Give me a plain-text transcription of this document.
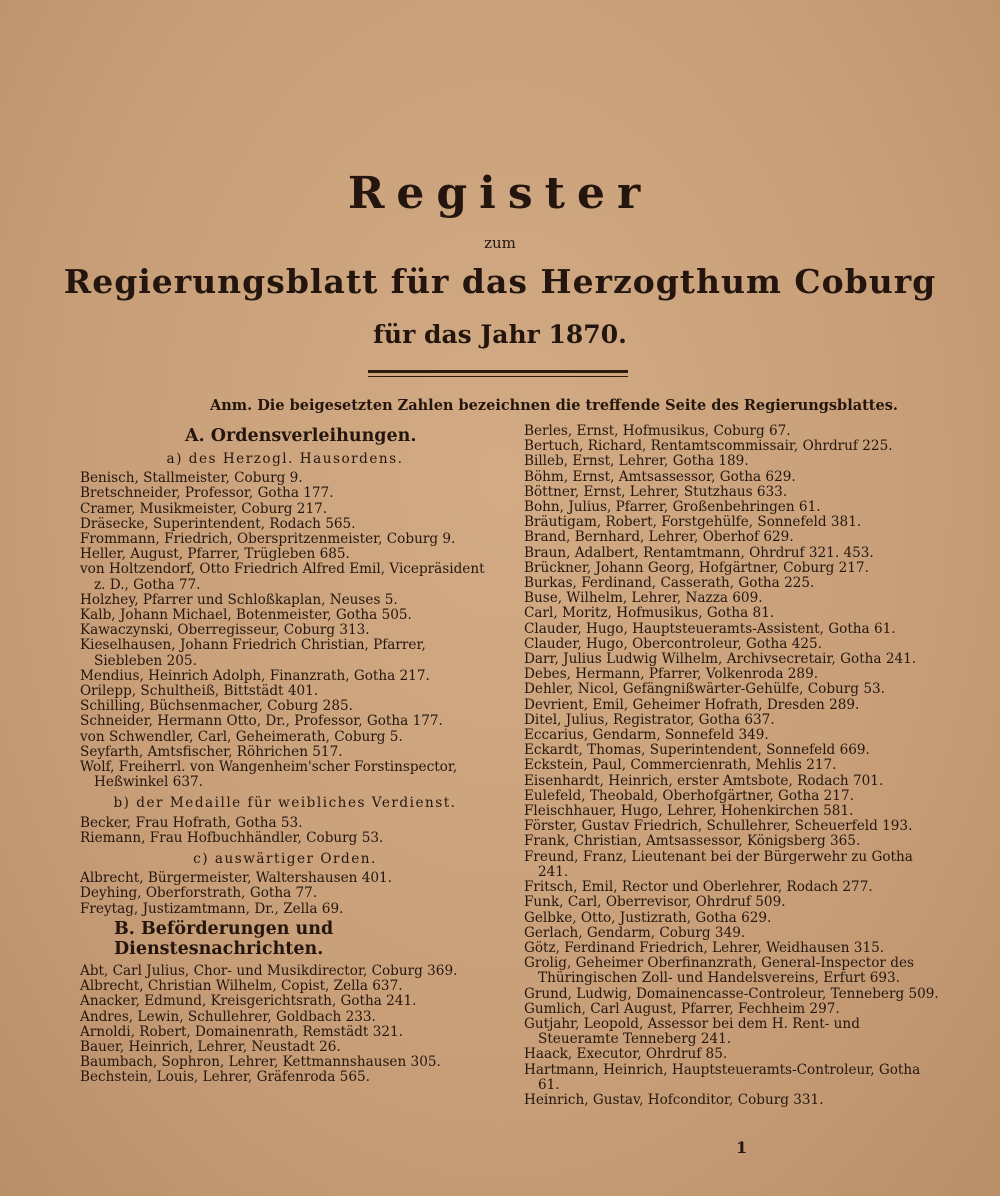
Register
zum
Regierungsblatt für das Herzogthum Coburg
für das Jahr 1870.
Anm. Die beigesetzten Zahlen bezeichnen die treffende Seite des Regierungsblattes.
A. Ordensverleihungen.
a) des Herzogl. Hausordens.
Benisch, Stallmeister, Coburg 9.
Bretschneider, Professor, Gotha 177.
Cramer, Musikmeister, Coburg 217.
Dräsecke, Superintendent, Rodach 565.
Frommann, Friedrich, Oberspritzenmeister, Coburg 9.
Heller, August, Pfarrer, Trügleben 685.
von Holtzendorf, Otto Friedrich Alfred Emil, Vicepräsident z. D., Gotha 77.
Holzhey, Pfarrer und Schloßkaplan, Neuses 5.
Kalb, Johann Michael, Botenmeister, Gotha 505.
Kawaczynski, Oberregisseur, Coburg 313.
Kieselhausen, Johann Friedrich Christian, Pfarrer, Siebleben 205.
Mendius, Heinrich Adolph, Finanzrath, Gotha 217.
Orilepp, Schultheiß, Bittstädt 401.
Schilling, Büchsenmacher, Coburg 285.
Schneider, Hermann Otto, Dr., Professor, Gotha 177.
von Schwendler, Carl, Geheimerath, Coburg 5.
Seyfarth, Amtsfischer, Röhrichen 517.
Wolf, Freiherrl. von Wangenheim'scher Forstinspector, Heßwinkel 637.
b) der Medaille für weibliches Verdienst.
Becker, Frau Hofrath, Gotha 53.
Riemann, Frau Hofbuchhändler, Coburg 53.
c) auswärtiger Orden.
Albrecht, Bürgermeister, Waltershausen 401.
Deyhing, Oberforstrath, Gotha 77.
Freytag, Justizamtmann, Dr., Zella 69.
B. Beförderungen und Dienstesnachrichten.
Abt, Carl Julius, Chor- und Musikdirector, Coburg 369.
Albrecht, Christian Wilhelm, Copist, Zella 637.
Anacker, Edmund, Kreisgerichtsrath, Gotha 241.
Andres, Lewin, Schullehrer, Goldbach 233.
Arnoldi, Robert, Domainenrath, Remstädt 321.
Bauer, Heinrich, Lehrer, Neustadt 26.
Baumbach, Sophron, Lehrer, Kettmannshausen 305.
Bechstein, Louis, Lehrer, Gräfenroda 565.
Berles, Ernst, Hofmusikus, Coburg 67.
Bertuch, Richard, Rentamtscommissair, Ohrdruf 225.
Billeb, Ernst, Lehrer, Gotha 189.
Böhm, Ernst, Amtsassessor, Gotha 629.
Böttner, Ernst, Lehrer, Stutzhaus 633.
Bohn, Julius, Pfarrer, Großenbehringen 61.
Bräutigam, Robert, Forstgehülfe, Sonnefeld 381.
Brand, Bernhard, Lehrer, Oberhof 629.
Braun, Adalbert, Rentamtmann, Ohrdruf 321. 453.
Brückner, Johann Georg, Hofgärtner, Coburg 217.
Burkas, Ferdinand, Casserath, Gotha 225.
Buse, Wilhelm, Lehrer, Nazza 609.
Carl, Moritz, Hofmusikus, Gotha 81.
Clauder, Hugo, Hauptsteueramts-Assistent, Gotha 61.
Clauder, Hugo, Obercontroleur, Gotha 425.
Darr, Julius Ludwig Wilhelm, Archivsecretair, Gotha 241.
Debes, Hermann, Pfarrer, Volkenroda 289.
Dehler, Nicol, Gefängnißwärter-Gehülfe, Coburg 53.
Devrient, Emil, Geheimer Hofrath, Dresden 289.
Ditel, Julius, Registrator, Gotha 637.
Eccarius, Gendarm, Sonnefeld 349.
Eckardt, Thomas, Superintendent, Sonnefeld 669.
Eckstein, Paul, Commercienrath, Mehlis 217.
Eisenhardt, Heinrich, erster Amtsbote, Rodach 701.
Eulefeld, Theobald, Oberhofgärtner, Gotha 217.
Fleischhauer, Hugo, Lehrer, Hohenkirchen 581.
Förster, Gustav Friedrich, Schullehrer, Scheuerfeld 193.
Frank, Christian, Amtsassessor, Königsberg 365.
Freund, Franz, Lieutenant bei der Bürgerwehr zu Gotha 241.
Fritsch, Emil, Rector und Oberlehrer, Rodach 277.
Funk, Carl, Oberrevisor, Ohrdruf 509.
Gelbke, Otto, Justizrath, Gotha 629.
Gerlach, Gendarm, Coburg 349.
Götz, Ferdinand Friedrich, Lehrer, Weidhausen 315.
Grolig, Geheimer Oberfinanzrath, General-Inspector des Thüringischen Zoll- und Handelsvereins, Erfurt 693.
Grund, Ludwig, Domainencasse-Controleur, Tenneberg 509.
Gumlich, Carl August, Pfarrer, Fechheim 297.
Gutjahr, Leopold, Assessor bei dem H. Rent- und Steueramte Tenneberg 241.
Haack, Executor, Ohrdruf 85.
Hartmann, Heinrich, Hauptsteueramts-Controleur, Gotha 61.
Heinrich, Gustav, Hofconditor, Coburg 331.
1
